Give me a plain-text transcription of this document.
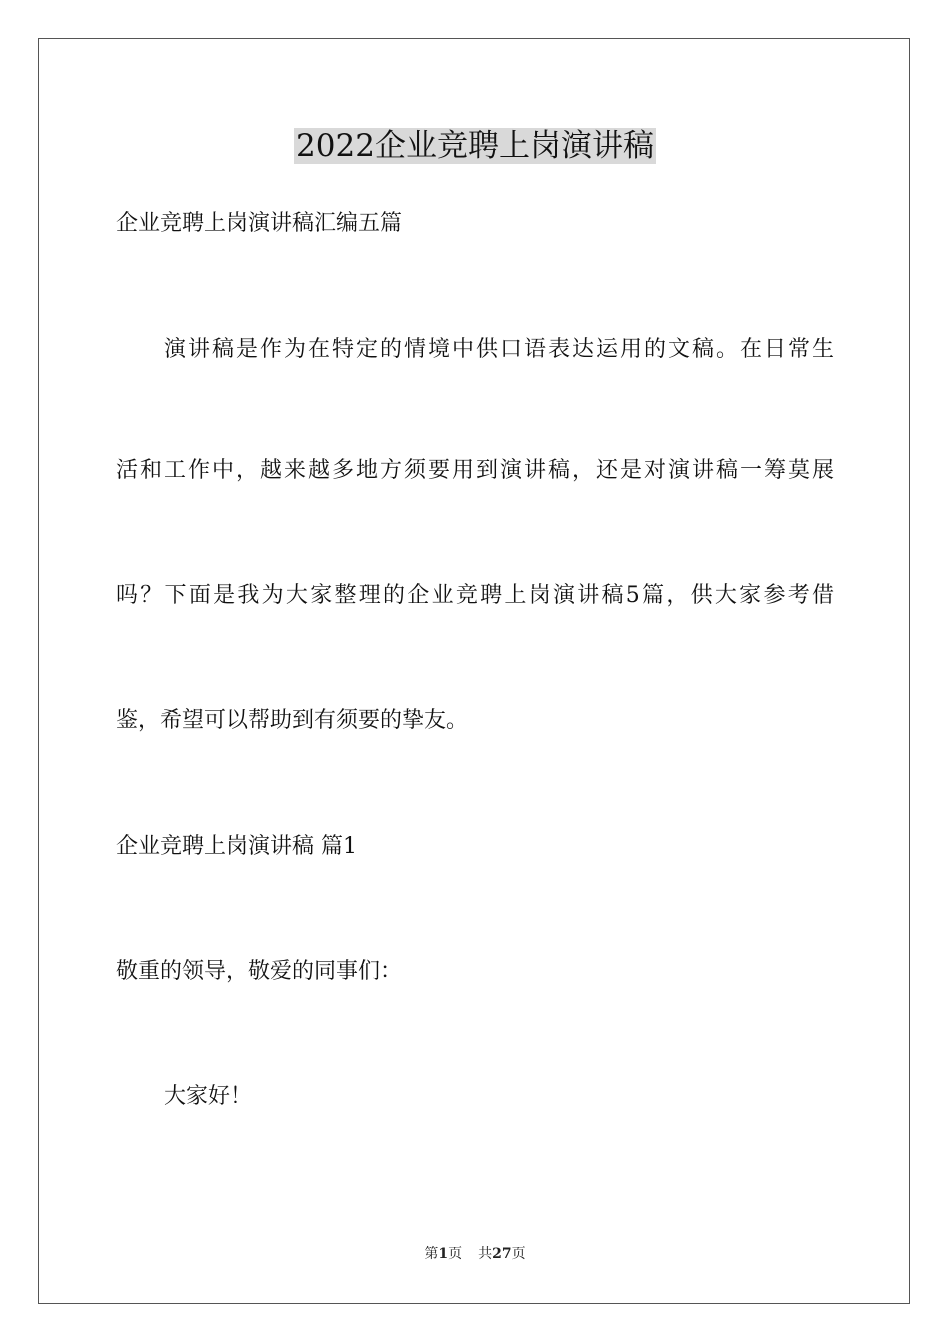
2022企业竞聘上岗演讲稿

企业竞聘上岗演讲稿汇编五篇

演讲稿是作为在特定的情境中供口语表达运用的文稿。在日常生

活和工作中，越来越多地方须要用到演讲稿，还是对演讲稿一筹莫展

吗？下面是我为大家整理的企业竞聘上岗演讲稿5篇，供大家参考借

鉴，希望可以帮助到有须要的挚友。

企业竞聘上岗演讲稿 篇1

敬重的领导，敬爱的同事们：

大家好！

第1页 共27页
